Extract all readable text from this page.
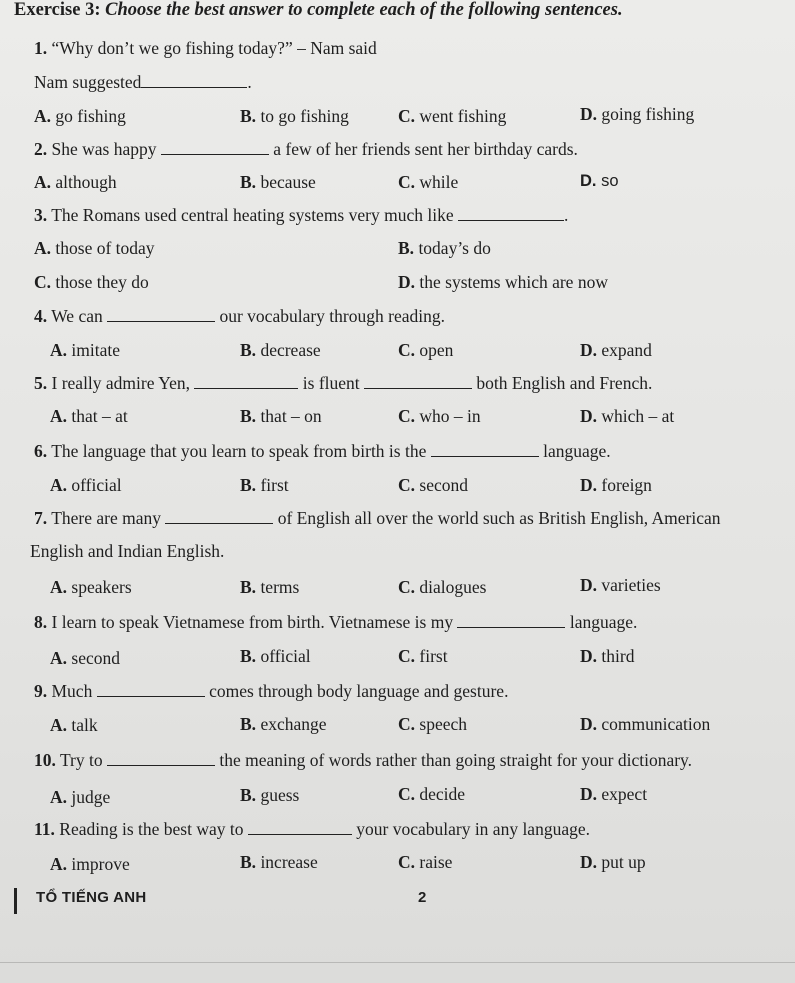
Exercise 3: Choose the best answer to complete each of the following sentences.
1. “Why don’t we go fishing today?” – Nam said
Nam suggested	.
A. go fishing	B. to go fishing	C. went fishing	D. going fishing
2. She was happy	a few of her friends sent her birthday cards.
A. although	B. because	C. while	D. so
3. The Romans used central heating systems very much like	.
A. those of today	B. today’s do
C. those they do	D. the systems which are now
4. We can	our vocabulary through reading.
A. imitate	B. decrease	C. open	D. expand
5. I really admire Yen,	is fluent	both English and French.
A. that – at	B. that – on	C. who – in	D. which – at
6. The language that you learn to speak from birth is the	language.
A. official	B. first	C. second	D. foreign
7. There are many	of English all over the world such as British English, American
English and Indian English.
A. speakers	B. terms	C. dialogues	D. varieties
8. I learn to speak Vietnamese from birth. Vietnamese is my	language.
A. second	B. official	C. first	D. third
9. Much	comes through body language and gesture.
A. talk	B. exchange	C. speech	D. communication
10. Try to	the meaning of words rather than going straight for your dictionary.
A. judge	B. guess	C. decide	D. expect
11. Reading is the best way to	your vocabulary in any language.
A. improve	B. increase	C. raise	D. put up
TỔ TIẾNG ANH	2
